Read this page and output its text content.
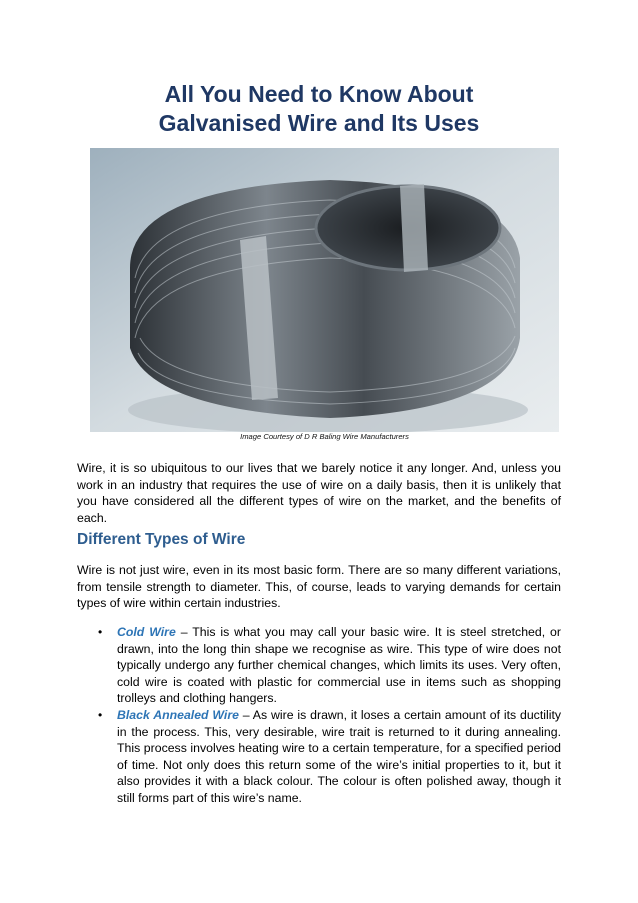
All You Need to Know About
Galvanised Wire and Its Uses
Image Courtesy of D R Baling Wire Manufacturers

Wire, it is so ubiquitous to our lives that we barely notice it any longer. And, unless you work in an industry that requires the use of wire on a daily basis, then it is unlikely that you have considered all the different types of wire on the market, and the benefits of each.

Different Types of Wire

Wire is not just wire, even in its most basic form. There are so many different variations, from tensile strength to diameter. This, of course, leads to varying demands for certain types of wire within certain industries.

• Cold Wire – This is what you may call your basic wire. It is steel stretched, or drawn, into the long thin shape we recognise as wire. This type of wire does not typically undergo any further chemical changes, which limits its uses. Very often, cold wire is coated with plastic for commercial use in items such as shopping trolleys and clothing hangers.
• Black Annealed Wire – As wire is drawn, it loses a certain amount of its ductility in the process. This, very desirable, wire trait is returned to it during annealing. This process involves heating wire to a certain temperature, for a specified period of time. Not only does this return some of the wire’s initial properties to it, but it also provides it with a black colour. The colour is often polished away, though it still forms part of this wire’s name.
